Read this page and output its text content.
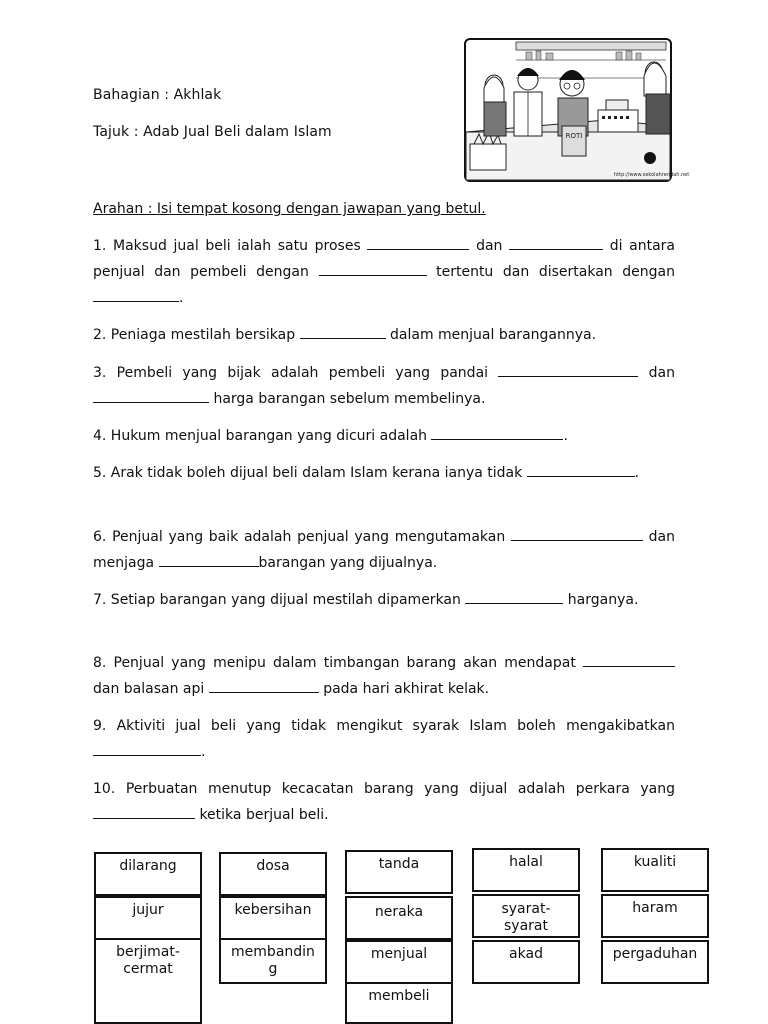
Bahagian : Akhlak
Tajuk : Adab Jual Beli dalam Islam	ROTI
http://www.sekolahrendah.net
Arahan : Isi tempat kosong dengan jawapan yang betul.
1. Maksud jual beli ialah satu proses	dan	di antara penjual dan pembeli dengan	tertentu dan disertakan dengan .
2. Peniaga mestilah bersikap	dalam menjual barangannya.
3. Pembeli yang bijak adalah pembeli yang pandai	dan  harga barangan sebelum membelinya.
4. Hukum menjual barangan yang dicuri adalah	.
5. Arak tidak boleh dijual beli dalam Islam kerana ianya tidak	.
6. Penjual yang baik adalah penjual yang mengutamakan	dan menjaga	barangan yang dijualnya.
7. Setiap barangan yang dijual mestilah dipamerkan	harganya.
8. Penjual yang menipu dalam timbangan barang akan mendapat  dan balasan api	pada hari akhirat kelak.
9. Aktiviti jual beli yang tidak mengikut syarak Islam boleh mengakibatkan .
10. Perbuatan menutup kecacatan barang yang dijual adalah perkara yang  ketika berjual beli.
dilarang
jujur
berjimat-cermat
dosa
kebersihan
membanding
tanda
neraka
menjual
membeli
halal
syarat-syarat
akad
kualiti
haram
pergaduhan
